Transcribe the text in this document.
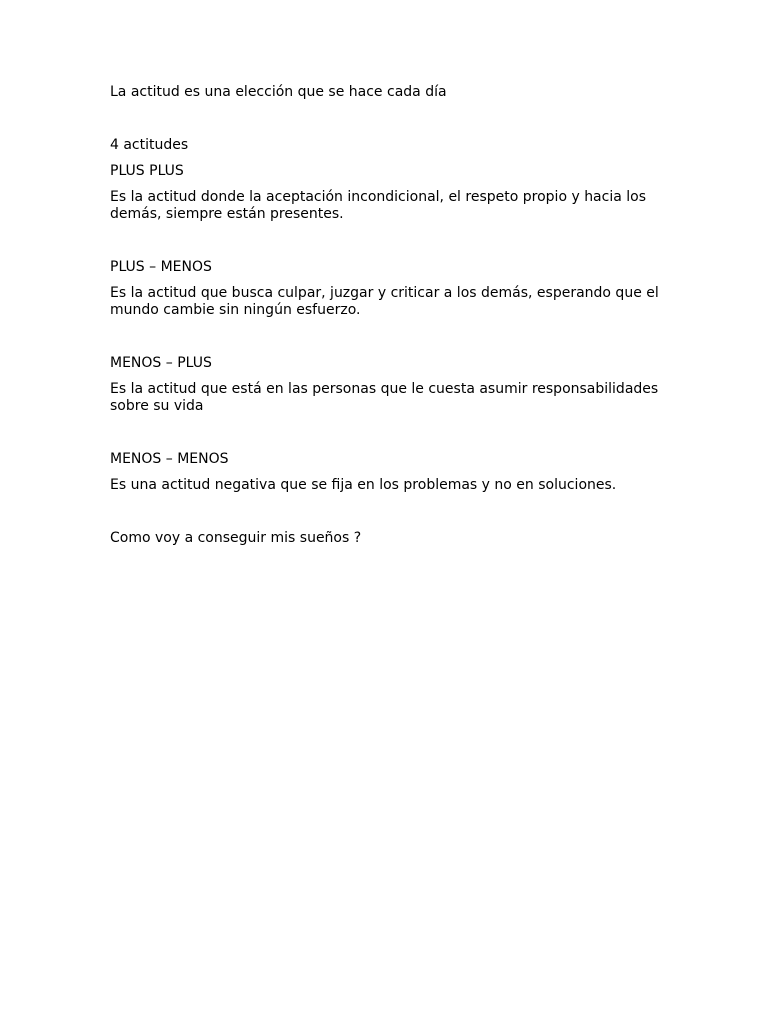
La actitud es una elección que se hace cada día

4 actitudes

PLUS PLUS

Es la actitud donde la aceptación incondicional, el respeto propio y hacia los demás, siempre están presentes.

PLUS – MENOS

Es la actitud que busca culpar, juzgar y criticar a los demás, esperando que el mundo cambie sin ningún esfuerzo.

MENOS – PLUS

Es la actitud que está en las personas que le cuesta asumir responsabilidades sobre su vida

MENOS – MENOS

Es una actitud negativa que se fija en los problemas y no en soluciones.

Como voy a conseguir mis sueños ?
